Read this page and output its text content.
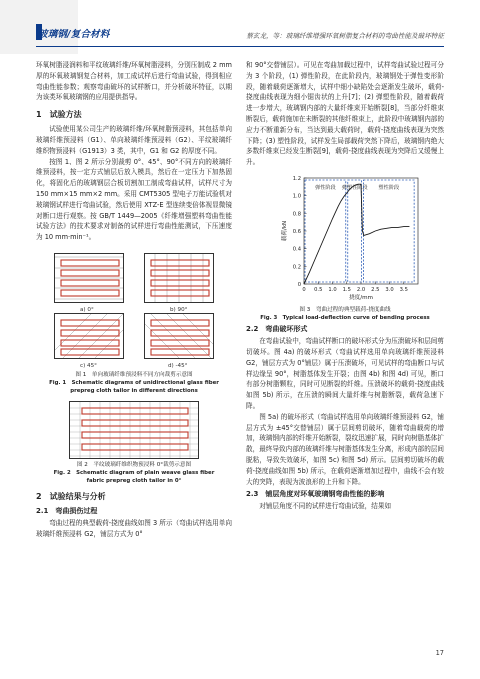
玻璃钢/复合材料	蔡玄龙，等：玻璃纤维增强环氧树脂复合材料的弯曲性能及破坏特征

环氧树脂浸润料和平纹玻璃纤维/环氧树脂浸料，分别压制成 2 mm 厚的环氧玻璃钢复合材料，加工成试样后进行弯曲试验，得到相应弯曲性能参数；观察弯曲破坏的试样断口，并分析破坏特征，以期为该类环氧玻璃钢的应用提供指导。

1　试验方法

试验使用某公司生产的玻璃纤维/环氧树脂预浸料，其包括单向玻璃纤维预浸料（G1）、单向玻璃纤维预浸料（G2）、平纹玻璃纤维织物预浸料（G1913）3 类，其中，G1 和 G2 的厚度不同。

按图 1、图 2 所示分别裁剪 0°、45°、90°不同方向的玻璃纤维预浸料，按一定方式铺层后放入模具，然后在一定压力下加热固化，将固化后的玻璃钢层合板切割加工制成弯曲试样，试样尺寸为 150 mm×15 mm×2 mm。采用 CMT5305 型电子万能试验机对玻璃钢试样进行弯曲试验，然后使用 XTZ-E 型连续变倍体视显微镜对断口进行观察。按 GB/T 1449—2005《纤维增强塑料弯曲性能试验方法》的技术要求对制备的试样进行弯曲性能测试，下压速度为 10 mm·min⁻¹。

a) 0°	b) 90°
c) 45°	d) -45°
图 1　单向玻璃纤维预浸料不同方向裁剪示意图
Fig. 1　Schematic diagrams of unidirectional glass fiber
prepreg cloth tailor in different directions
图 2　平纹玻璃纤维织物预浸料 0°裁剪示意图
Fig. 2　Schematic diagram of plain weave glass fiber
fabric prepreg cloth tailor in 0°
2　试验结果与分析
2.1　弯曲损伤过程

弯曲过程的典型载荷-挠度曲线如图 3 所示（弯曲试样选用单向玻璃纤维预浸料 G2，铺层方式为 0°

和 90°交替铺层）。可见在弯曲加载过程中，试样弯曲试验过程可分为 3 个阶段，(1) 弹性阶段，在此阶段内，玻璃钢处于弹性变形阶段，随着载荷逐渐增大，试样中细小缺陷处会逐渐发生破坏，载荷-挠度曲线表现为细小锯齿状的上升[7]；(2) 弹塑性阶段，随着载荷进一步增大，玻璃钢内部的大量纤维束开始断裂[8]，当部分纤维束断裂后，载荷施加在未断裂的其他纤维束上，此阶段中玻璃钢内部的应力不断重新分布，当达到最大载荷时，载荷-挠度曲线表现为突然下降；(3) 塑性阶段，试样发生局部载荷突然下降后，玻璃钢内绝大多数纤维束已经发生断裂[9]，载荷-挠度曲线表现为突降后又缓慢上升。

0
0.2
0.4
0.6
0.8
1.0
1.2
0 0.5 1.0 1.5 2.0 2.5 3.0 3.5
挠度/mm
载荷/kN
弹性阶段 弹塑性阶段 塑性阶段
图 3　弯曲过程的典型载荷-挠度曲线
Fig. 3　Typical load-deflection curve of bending process
2.2　弯曲破坏形式

在弯曲试验中，弯曲试样断口的破坏形式分为压溃破坏和层间剪切破坏。图 4a) 的破坏形式（弯曲试样选用单向玻璃纤维预浸料 G2，铺层方式为 0°铺层）属于压溃破坏，可见试样的弯曲断口与试样边缘呈 90°，树脂基体发生开裂；由图 4b) 和图 4d) 可见，断口有部分树脂颗粒，同时可见断裂的纤维。压溃破坏的载荷-挠度曲线如图 5b) 所示，在压溃的瞬间大量纤维与树脂断裂，载荷急速下降。

图 5a) 的破坏形式（弯曲试样选用单向玻璃纤维预浸料 G2，铺层方式为 ±45°交替铺层）属于层间剪切破坏，随着弯曲载荷的增加，玻璃钢内部的纤维开始断裂，裂纹迅速扩展，同时向树脂基体扩散，最终导致内部的玻璃纤维与树脂基体发生分离，形成内部的层间脱粘，导致失效破坏，如图 5c) 和图 5d) 所示。层间剪切破坏的载荷-挠度曲线如图 5b) 所示，在载荷逐渐增加过程中，曲线不会有较大的突降，表现为波浪形的上升和下降。

2.3　铺层角度对环氧玻璃钢弯曲性能的影响

对铺层角度不同的试样进行弯曲试验，结果如

17
